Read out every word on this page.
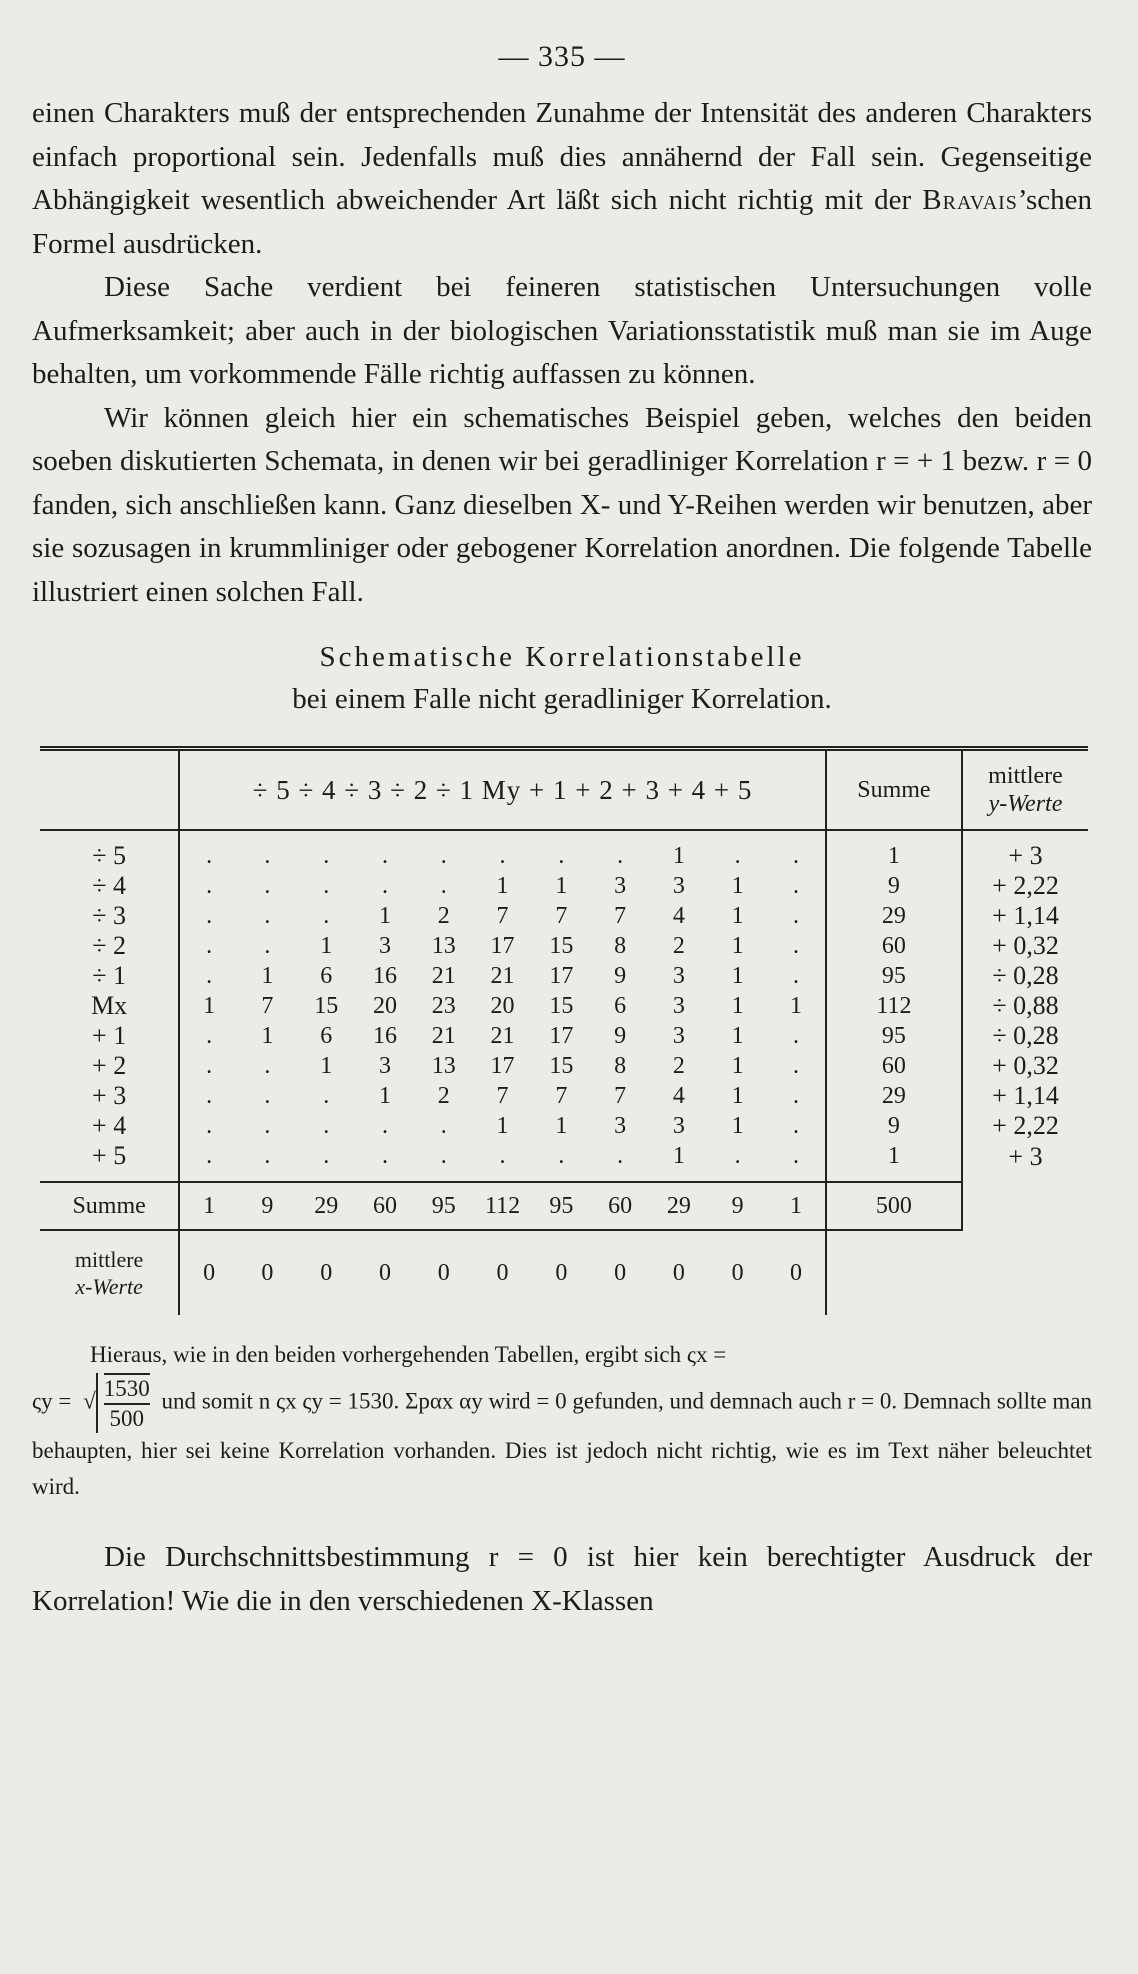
— 335 —

einen Charakters muß der entsprechenden Zunahme der Intensität des anderen Charakters einfach proportional sein. Jedenfalls muß dies annähernd der Fall sein. Gegenseitige Abhängigkeit wesentlich abweichender Art läßt sich nicht richtig mit der Bravais’schen Formel ausdrücken.

Diese Sache verdient bei feineren statistischen Untersuchungen volle Aufmerksamkeit; aber auch in der biologischen Variationsstatistik muß man sie im Auge behalten, um vorkommende Fälle richtig auffassen zu können.

Wir können gleich hier ein schematisches Beispiel geben, welches den beiden soeben diskutierten Schemata, in denen wir bei geradliniger Korrelation r = + 1 bezw. r = 0 fanden, sich anschließen kann. Ganz dieselben X- und Y-Reihen werden wir benutzen, aber sie sozusagen in krummliniger oder gebogener Korrelation anordnen. Die folgende Tabelle illustriert einen solchen Fall.

Schematische Korrelationstabelle
bei einem Falle nicht geradliniger Korrelation.
	÷ 5 ÷ 4 ÷ 3 ÷ 2 ÷ 1 My + 1 + 2 + 3 + 4 + 5											Summe	mittlere
y-Werte
÷ 5	.	.	.	.	.	.	.	.	1	.	.	1	+ 3
÷ 4	.	.	.	.	.	1	1	3	3	1	.	9	+ 2,22
÷ 3	.	.	.	1	2	7	7	7	4	1	.	29	+ 1,14
÷ 2	.	.	1	3	13	17	15	8	2	1	.	60	+ 0,32
÷ 1	.	1	6	16	21	21	17	9	3	1	.	95	÷ 0,28
Mx	1	7	15	20	23	20	15	6	3	1	1	112	÷ 0,88
+ 1	.	1	6	16	21	21	17	9	3	1	.	95	÷ 0,28
+ 2	.	.	1	3	13	17	15	8	2	1	.	60	+ 0,32
+ 3	.	.	.	1	2	7	7	7	4	1	.	29	+ 1,14
+ 4	.	.	.	.	.	1	1	3	3	1	.	9	+ 2,22
+ 5	.	.	.	.	.	.	.	.	1	.	.	1	+ 3
Summe	1	9	29	60	95	112	95	60	29	9	1	500	
mittlere
x-Werte	0	0	0	0	0	0	0	0	0	0	0		

Hieraus, wie in den beiden vorhergehenden Tabellen, ergibt sich ςx =
ςy = √ $\frac{1530}{500}$ und somit n ςx ςy = 1530. Σpαx αy wird = 0 gefunden, und demnach auch r = 0. Demnach sollte man behaupten, hier sei keine Korrelation vorhanden. Dies ist jedoch nicht richtig, wie es im Text näher beleuchtet wird.

Die Durchschnittsbestimmung r = 0 ist hier kein berechtigter Ausdruck der Korrelation! Wie die in den verschiedenen X-Klassen
